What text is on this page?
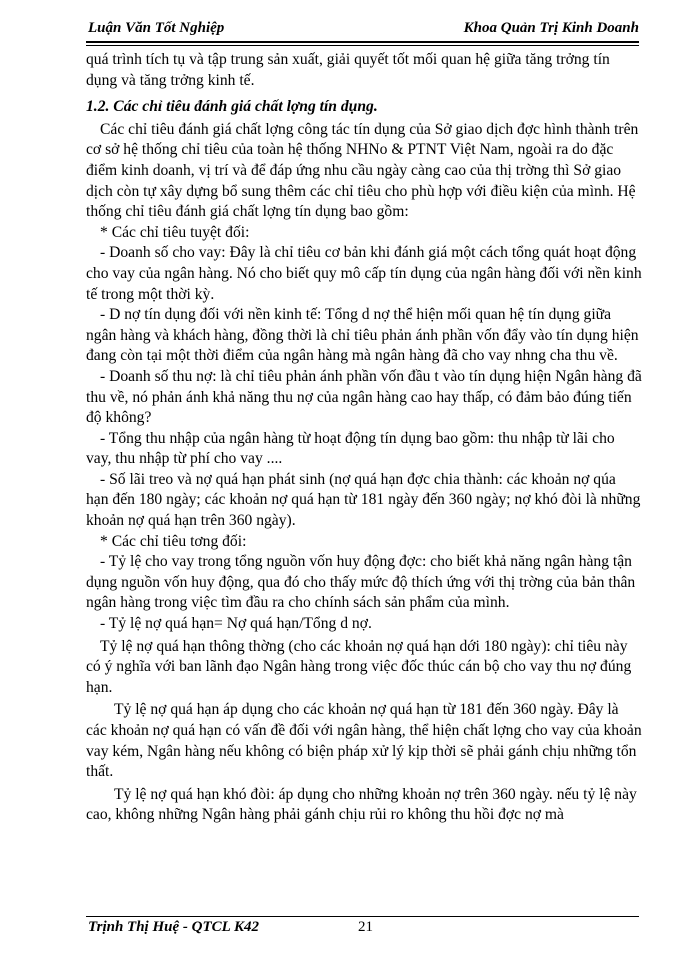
Luận Văn Tốt Nghiệp	Khoa Quản Trị Kinh Doanh

quá trình tích tụ và tập trung sản xuất, giải quyết tốt mối quan hệ giữa tăng trởng tín dụng và tăng trởng kinh tế.

1.2. Các chỉ tiêu đánh giá chất lợng tín dụng.

Các chỉ tiêu đánh giá chất lợng công tác tín dụng của Sở giao dịch đợc hình thành trên cơ sở hệ thống chỉ tiêu của toàn hệ thống NHNo & PTNT Việt Nam, ngoài ra do đặc điểm kinh doanh, vị trí và để đáp ứng nhu cầu ngày càng cao của thị trờng thì Sở giao dịch còn tự xây dựng bổ sung thêm các chỉ tiêu cho phù hợp với điều kiện của mình. Hệ thống chỉ tiêu đánh giá chất lợng tín dụng bao gồm:

* Các chỉ tiêu tuyệt đối:

- Doanh số cho vay: Đây là chỉ tiêu cơ bản khi đánh giá một cách tổng quát hoạt động cho vay của ngân hàng. Nó cho biết quy mô cấp tín dụng của ngân hàng đối với nền kinh tế trong một thời kỳ.

- D nợ tín dụng đối với nền kinh tế: Tổng d nợ thể hiện mối quan hệ tín dụng giữa ngân hàng và khách hàng, đồng thời là chỉ tiêu phản ánh phần vốn đẩy vào tín dụng hiện đang còn tại một thời điểm của ngân hàng mà ngân hàng đã cho vay nhng cha thu về.

- Doanh số thu nợ: là chỉ tiêu phản ánh phần vốn đầu t vào tín dụng hiện Ngân hàng đã thu về, nó phản ánh khả năng thu nợ của ngân hàng cao hay thấp, có đảm bảo đúng tiến độ không?

- Tổng thu nhập của ngân hàng từ hoạt động tín dụng bao gồm: thu nhập từ lãi cho vay, thu nhập từ phí cho vay ....

- Số lãi treo và nợ quá hạn phát sinh (nợ quá hạn đợc chia thành: các khoản nợ qúa hạn đến 180 ngày; các khoản nợ quá hạn từ 181 ngày đến 360 ngày; nợ khó đòi là những khoản nợ quá hạn trên 360 ngày).

* Các chỉ tiêu tơng đối:

- Tỷ lệ cho vay trong tổng nguồn vốn huy động đợc: cho biết khả năng ngân hàng tận dụng nguồn vốn huy động, qua đó cho thấy mức độ thích ứng với thị trờng của bản thân ngân hàng trong việc tìm đầu ra cho chính sách sản phẩm của mình.

- Tỷ lệ nợ quá hạn= Nợ quá hạn/Tổng d nợ.

Tỷ lệ nợ quá hạn thông thờng (cho các khoản nợ quá hạn dới 180 ngày): chỉ tiêu này có ý nghĩa với ban lãnh đạo Ngân hàng trong việc đốc thúc cán bộ cho vay thu nợ đúng hạn.

Tỷ lệ nợ quá hạn áp dụng cho các khoản nợ quá hạn từ 181 đến 360 ngày. Đây là các khoản nợ quá hạn có vấn đề đối với ngân hàng, thể hiện chất lợng cho vay của khoản vay kém, Ngân hàng nếu không có biện pháp xử lý kịp thời sẽ phải gánh chịu những tổn thất.

Tỷ lệ nợ quá hạn khó đòi: áp dụng cho những khoản nợ trên 360 ngày. nếu tỷ lệ này cao, không những Ngân hàng phải gánh chịu rủi ro không thu hồi đợc nợ mà

Trịnh Thị Huệ - QTCL K42	21
